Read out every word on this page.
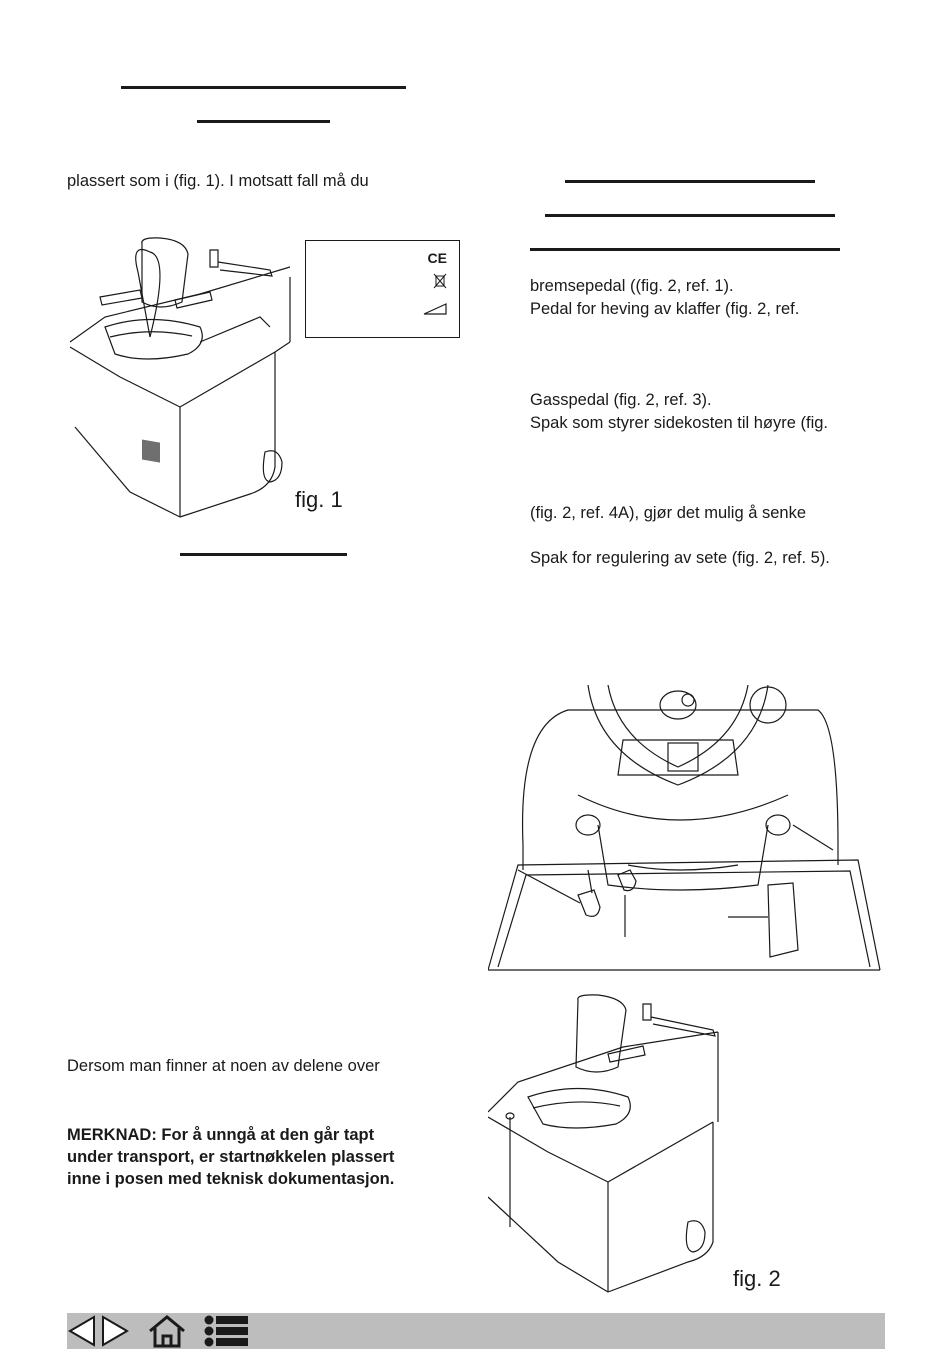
plassert som i (fig. 1). I motsatt fall må du
CE
fig. 1
bremsepedal ((fig. 2, ref. 1).
Pedal for heving av klaffer (fig. 2, ref.
Gasspedal (fig. 2, ref. 3).
Spak som styrer sidekosten til høyre (fig.
(fig. 2, ref. 4A), gjør det mulig å senke
Spak for regulering av sete (fig. 2, ref. 5).
fig. 2
Dersom man finner at noen av delene over
MERKNAD: For å unngå at den går tapt
under transport, er startnøkkelen plassert
inne i posen med teknisk dokumentasjon.
